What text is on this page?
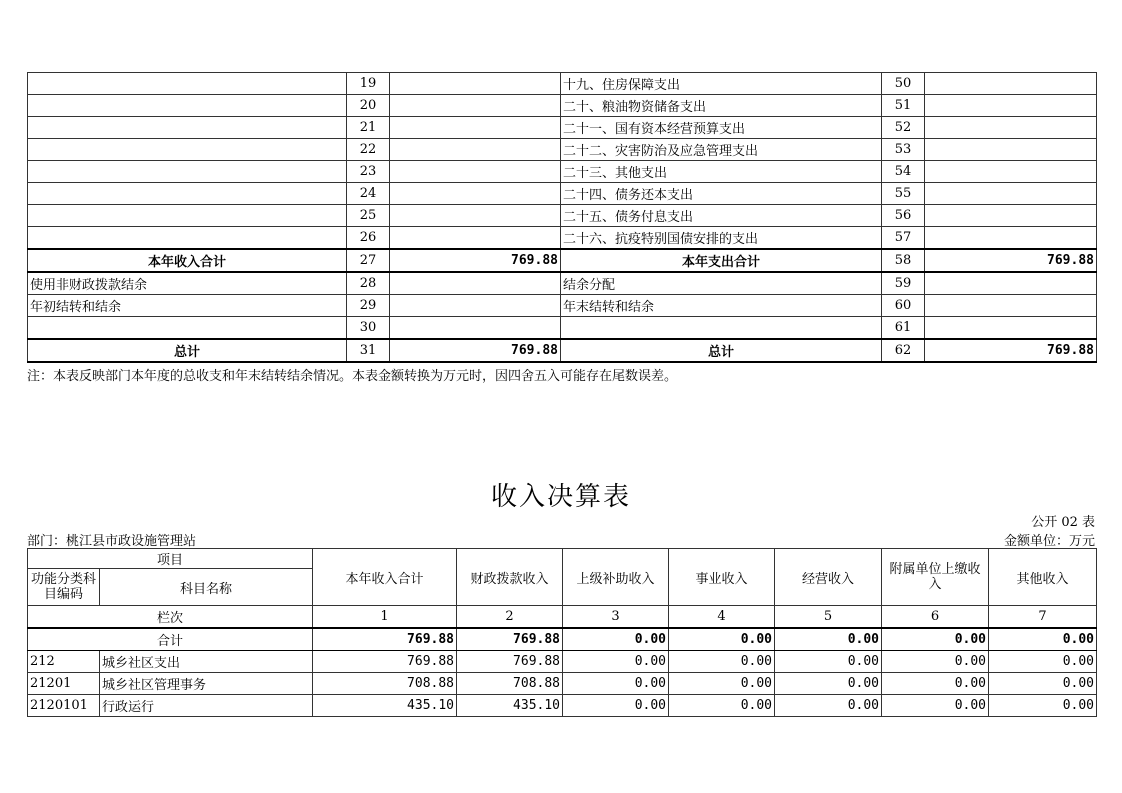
	19		十九、住房保障支出	50	
	20		二十、粮油物资储备支出	51	
	21		二十一、国有资本经营预算支出	52	
	22		二十二、灾害防治及应急管理支出	53	
	23		二十三、其他支出	54	
	24		二十四、债务还本支出	55	
	25		二十五、债务付息支出	56	
	26		二十六、抗疫特别国债安排的支出	57	
本年收入合计	27	769.88	本年支出合计	58	769.88
使用非财政拨款结余	28		结余分配	59	
年初结转和结余	29		年末结转和结余	60	
	30			61	
总计	31	769.88	总计	62	769.88
注：本表反映部门本年度的总收支和年末结转结余情况。本表金额转换为万元时，因四舍五入可能存在尾数误差。
收入决算表
公开 02 表
部门：桃江县市政设施管理站	金额单位：万元
项目		本年收入合计	财政拨款收入	上级补助收入	事业收入	经营收入	附属单位上缴收入	其他收入
功能分类科目编码	科目名称							
栏次		1	2	3	4	5	6	7
合计		769.88	769.88	0.00	0.00	0.00	0.00	0.00
212	城乡社区支出	769.88	769.88	0.00	0.00	0.00	0.00	0.00
21201	城乡社区管理事务	708.88	708.88	0.00	0.00	0.00	0.00	0.00
2120101	行政运行	435.10	435.10	0.00	0.00	0.00	0.00	0.00
